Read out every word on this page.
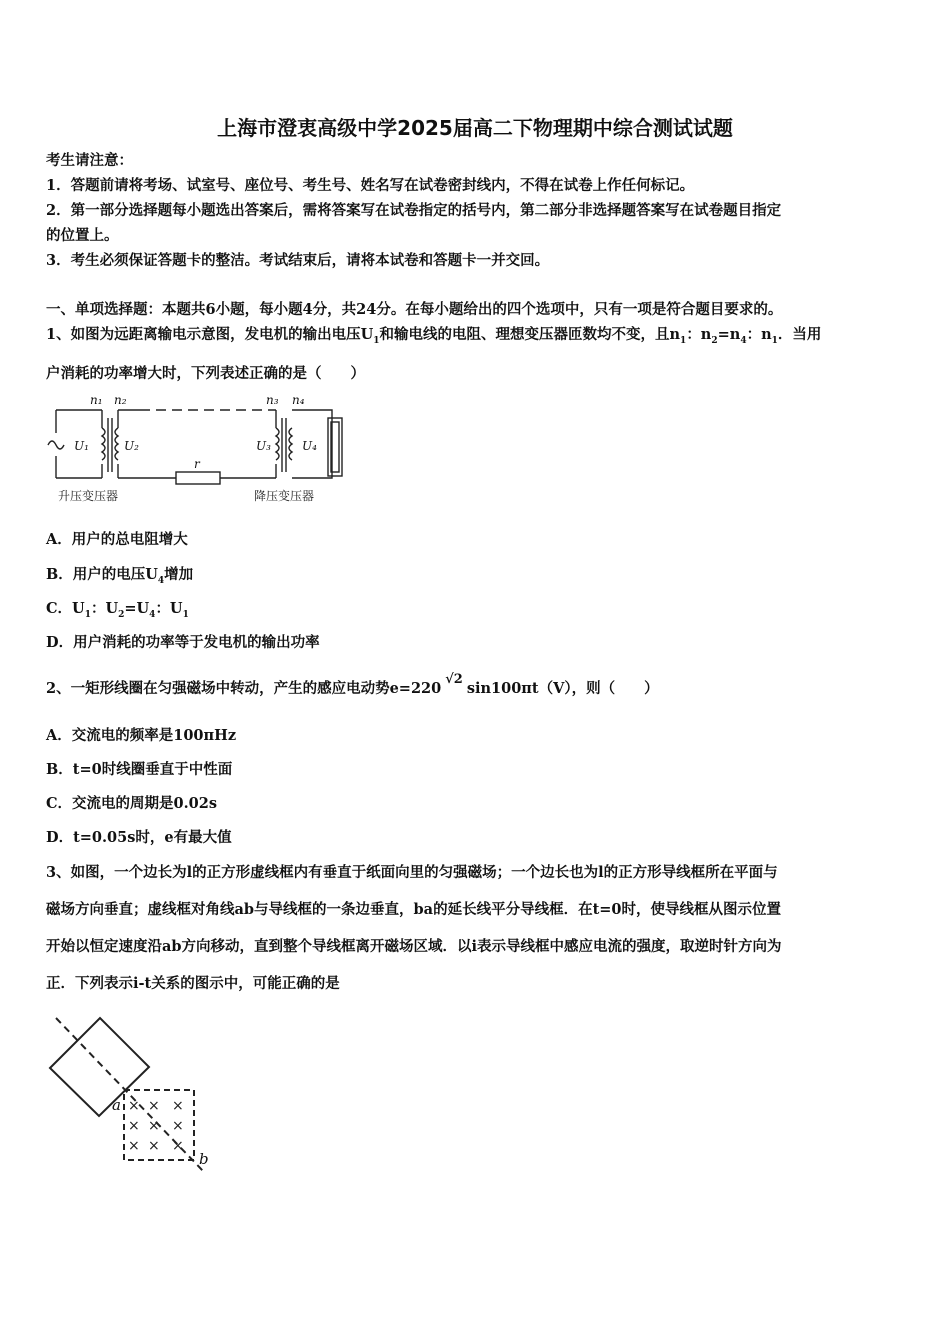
上海市澄衷高级中学2025届高二下物理期中综合测试试题
考生请注意：
1．答题前请将考场、试室号、座位号、考生号、姓名写在试卷密封线内，不得在试卷上作任何标记。
2．第一部分选择题每小题选出答案后，需将答案写在试卷指定的括号内，第二部分非选择题答案写在试卷题目指定
的位置上。
3．考生必须保证答题卡的整洁。考试结束后，请将本试卷和答题卡一并交回。
一、单项选择题：本题共6小题，每小题4分，共24分。在每小题给出的四个选项中，只有一项是符合题目要求的。
1、如图为远距离输电示意图，发电机的输出电压$U_1$和输电线的电阻、理想变压器匝数均不变，且$n_1$：$n_2=n_4$：$n_1$．当用
户消耗的功率增大时，下列表述正确的是（　　）
n₁ n₂	n₃ n₄
U₁	U₂	U₃	U₄
r
升压变压器	降压变压器
A．用户的总电阻增大
B．用户的电压$U_4$增加
C．$U_1$：$U_2=U_4$：$U_1$
D．用户消耗的功率等于发电机的输出功率
2、一矩形线圈在匀强磁场中转动，产生的感应电动势e=220√2sin100πt（V），则（　　）
A．交流电的频率是100πHz
B．t=0时线圈垂直于中性面
C．交流电的周期是0.02s
D．t=0.05s时，e有最大值
3、如图，一个边长为l的正方形虚线框内有垂直于纸面向里的匀强磁场；一个边长也为l的正方形导线框所在平面与
磁场方向垂直；虚线框对角线ab与导线框的一条边垂直，ba的延长线平分导线框．在t=0时，使导线框从图示位置
开始以恒定速度沿ab方向移动，直到整个导线框离开磁场区域．以i表示导线框中感应电流的强度，取逆时针方向为
正．下列表示i-t关系的图示中，可能正确的是
× × ×
× × ×
× × ×
a
b
